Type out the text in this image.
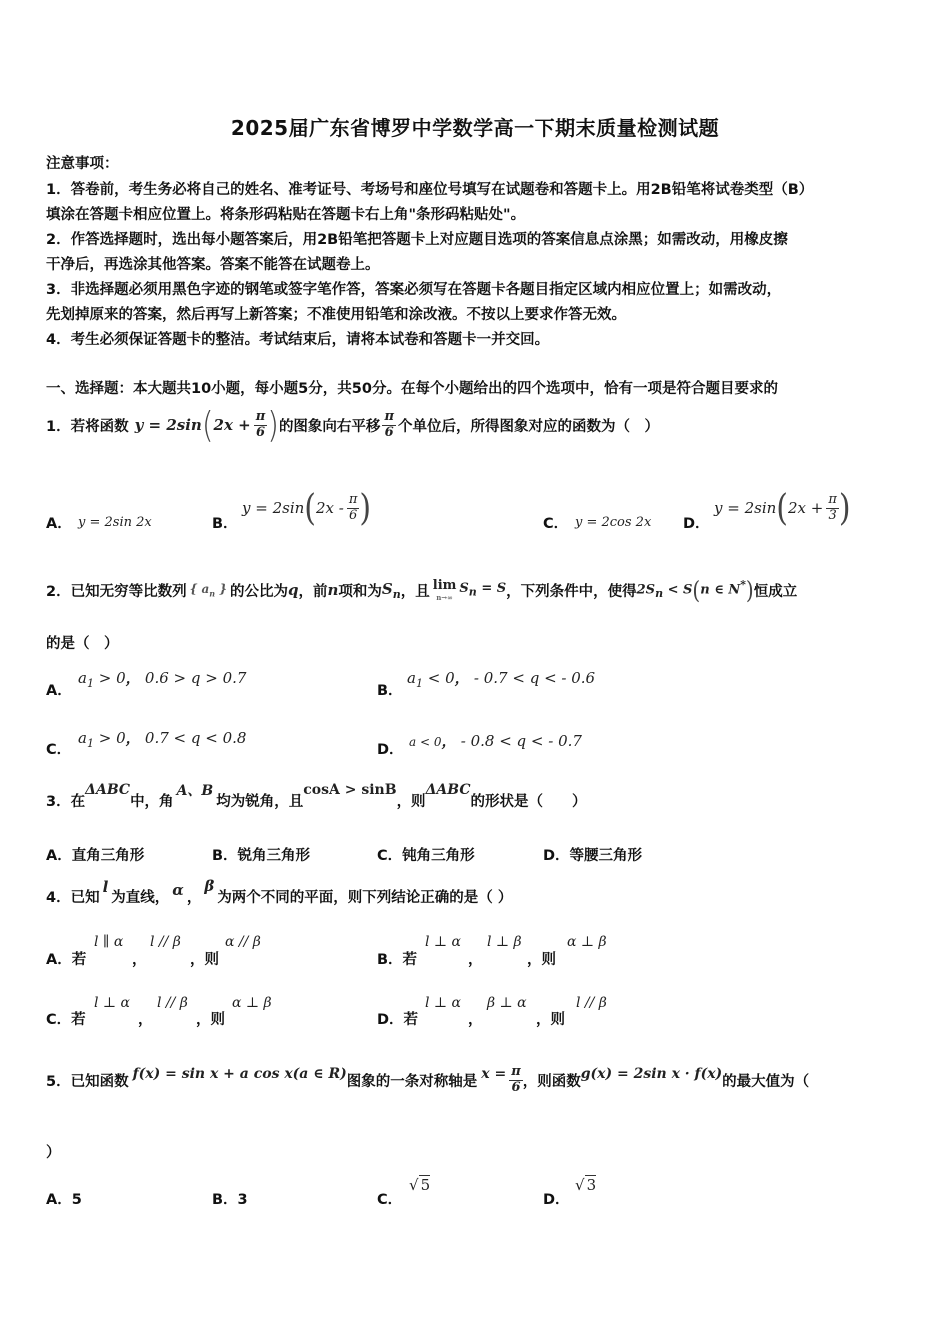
2025届广东省博罗中学数学高一下期末质量检测试题
注意事项：
1．答卷前，考生务必将自己的姓名、准考证号、考场号和座位号填写在试题卷和答题卡上。用2B铅笔将试卷类型（B）
填涂在答题卡相应位置上。将条形码粘贴在答题卡右上角"条形码粘贴处"。
2．作答选择题时，选出每小题答案后，用2B铅笔把答题卡上对应题目选项的答案信息点涂黑；如需改动，用橡皮擦
干净后，再选涂其他答案。答案不能答在试题卷上。
3．非选择题必须用黑色字迹的钢笔或签字笔作答，答案必须写在答题卡各题目指定区域内相应位置上；如需改动，
先划掉原来的答案，然后再写上新答案；不准使用铅笔和涂改液。不按以上要求作答无效。
4．考生必须保证答题卡的整洁。考试结束后，请将本试卷和答题卡一并交回。
一、选择题：本大题共10小题，每小题5分，共50分。在每个小题给出的四个选项中，恰有一项是符合题目要求的
1．若将函数 y = 2sin ( $2x + \frac{\pi}{6}$ ) 的图象向右平移 $\frac{\pi}{6}$ 个单位后，所得图象对应的函数为（　）
A． y = 2sin 2x	B．
y = 2sin ( $2x - \frac{\pi}{6}$ )	C． y = 2cos 2x D．
y = 2sin ( $2x + \frac{\pi}{3}$ )
2．已知无穷等比数列 { $a_n$ } 的公比为 q ，前 n 项和为 $S_n$ ，且 lim
n→∞
$S_n = S$ ，下列条件中，使得 $2S_n < S(n$ ∈ N*) 恒成立
的是（　）
A．
$a_1 > 0$， 0.6 > q > 0.7
B．
$a_1 < 0$， - 0.7 < q < - 0.6
C．
$a_1 > 0$， 0.7 < q < 0.8
D． a < 0， - 0.8 < q < - 0.7
3．在
ΔABC
中，角
A、B
均为锐角，且
cosA > sinB
，则
ΔABC
的形状是（　　）
A．直角三角形	B．锐角三角形	C．钝角三角形	D．等腰三角形
4．已知
l
为直线， α ，
β
为两个不同的平面，则下列结论正确的是（ ）
A．若
l ∥ α
，
l // β
，则
α // β
B．若
l ⊥ α
，
l ⊥ β
，则
α ⊥ β
C．若
l ⊥ α
，
l // β
，则
α ⊥ β
D．若
l ⊥ α
，
β ⊥ α
，则
l // β
5．已知函数 f(x) = sin x + a cos x(a ∈ R) 图象的一条对称轴是 $x = \frac{\pi}{6}$ ，则函数 g(x) = 2sin x · f(x) 的最大值为（
）
A．5	B．3	C．
√ 5
D．
√ 3
